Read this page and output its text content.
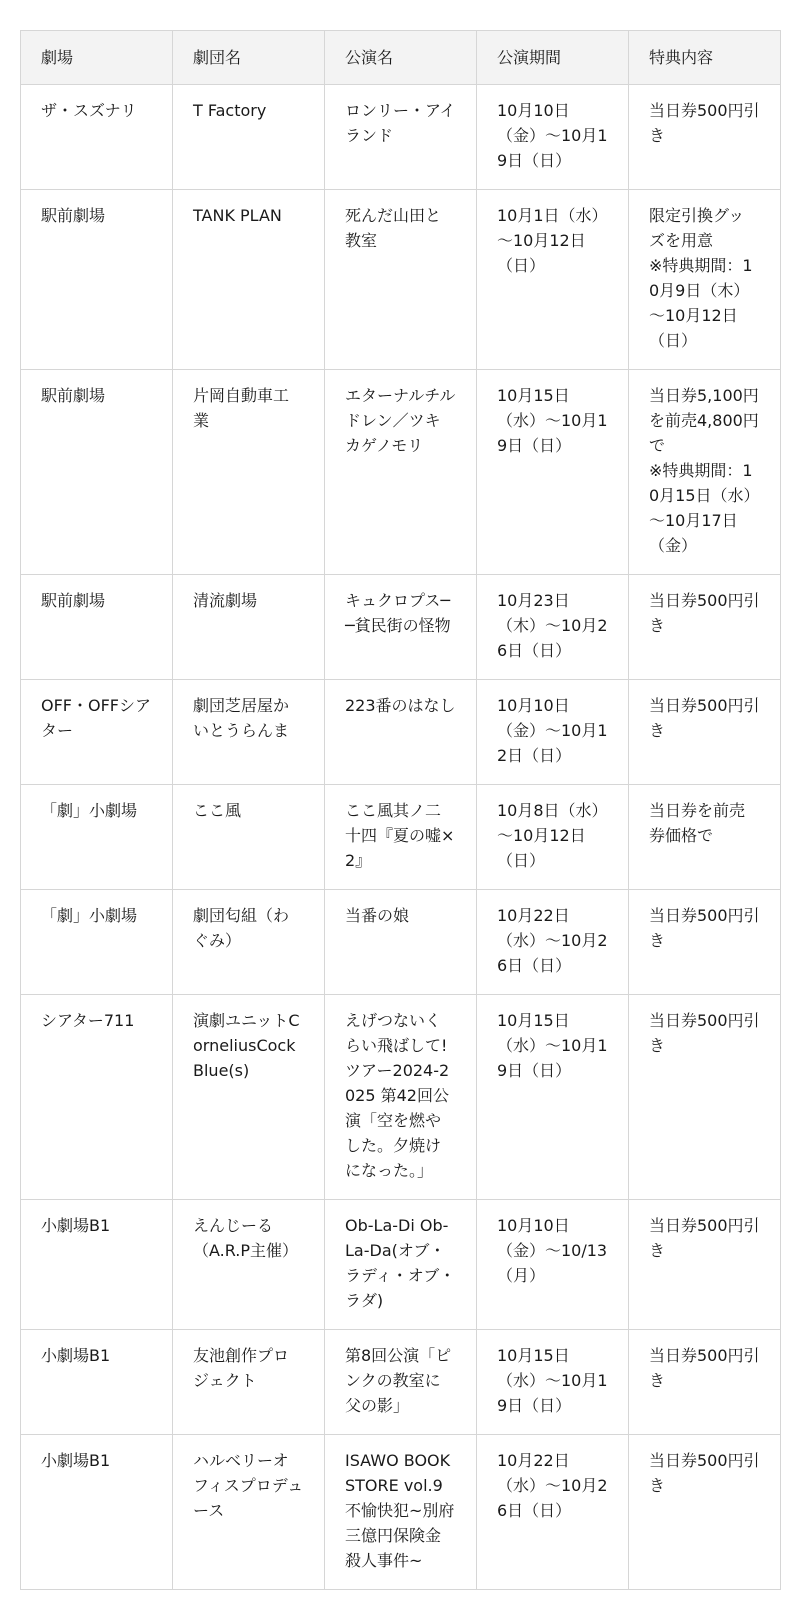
劇場	劇団名	公演名	公演期間	特典内容
ザ・スズナリ	T Factory	ロンリー・アイランド	10月10日（金）～10月19日（日）	当日券500円引き
駅前劇場	TANK PLAN	死んだ山田と教室	10月1日（水）～10月12日（日）	限定引換グッズを用意
※特典期間：10月9日（木）～10月12日（日）
駅前劇場	片岡自動車工業	エターナルチルドレン／ツキカゲノモリ	10月15日（水）～10月19日（日）	当日券5,100円を前売4,800円で
※特典期間：10月15日（水）～10月17日（金）
駅前劇場	清流劇場	キュクロプス──貧民街の怪物	10月23日（木）～10月26日（日）	当日券500円引き
OFF・OFFシアター	劇団芝居屋かいとうらんま	223番のはなし	10月10日（金）～10月12日（日）	当日券500円引き
「劇」小劇場	ここ風	ここ風其ノ二十四『夏の嘘×2』	10月8日（水）～10月12日（日）	当日券を前売券価格で
「劇」小劇場	劇団匂組（わぐみ）	当番の娘	10月22日（水）～10月26日（日）	当日券500円引き
シアター711	演劇ユニットCorneliusCockBlue(s)	えげつないくらい飛ばして!ツアー2024-2025 第42回公演「空を燃やした。夕焼けになった。」	10月15日（水）～10月19日（日）	当日券500円引き
小劇場B1	えんじーる（A.R.P主催）	Ob-La-Di Ob-La-Da(オブ・ラディ・オブ・ラダ)	10月10日（金）～10/13（月）	当日券500円引き
小劇場B1	友池創作プロジェクト	第8回公演「ピンクの教室に父の影」	10月15日（水）～10月19日（日）	当日券500円引き
小劇場B1	ハルベリーオフィスプロデュース	ISAWO BOOK STORE vol.9 不愉快犯~別府三億円保険金殺人事件~	10月22日（水）～10月26日（日）	当日券500円引き
